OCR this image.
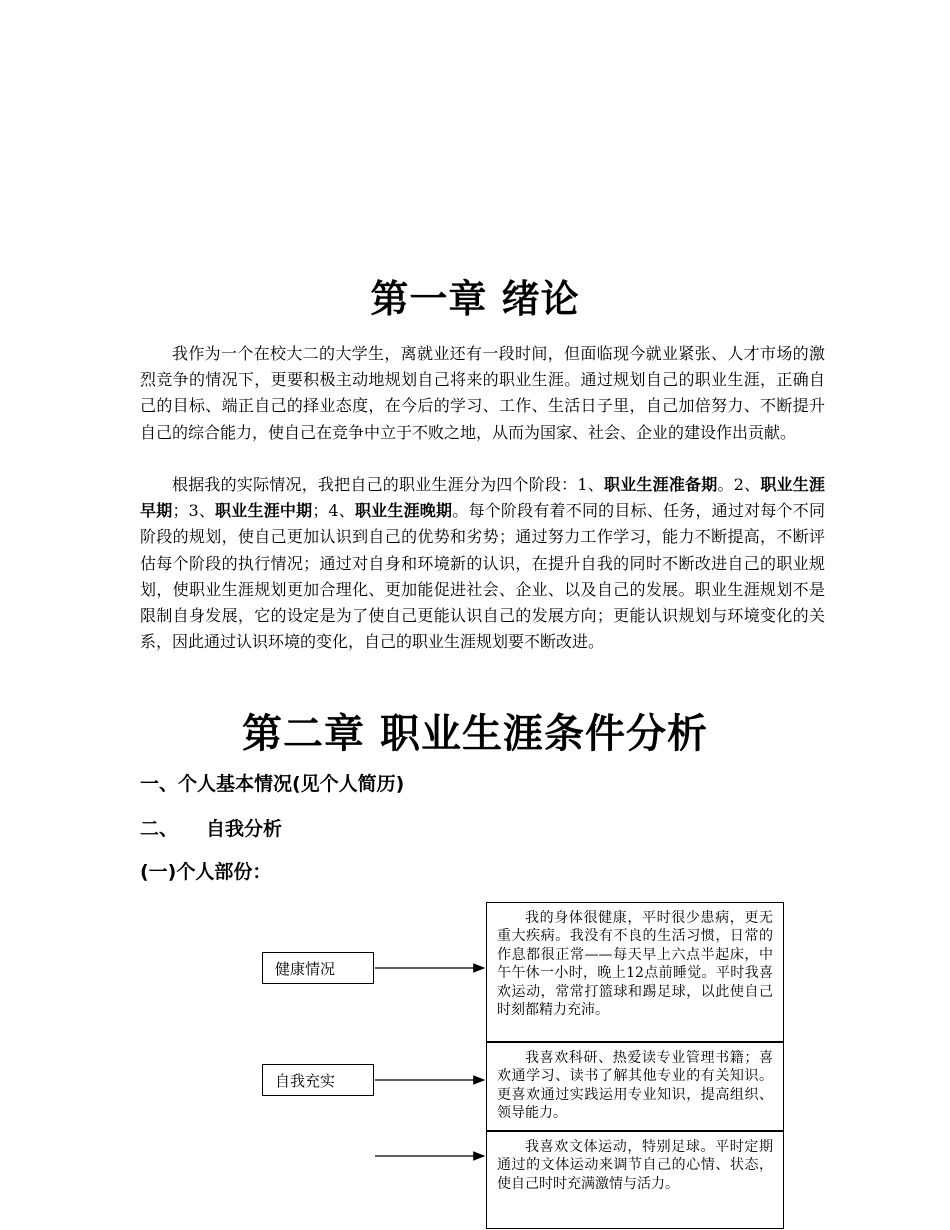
第一章 绪论

我作为一个在校大二的大学生，离就业还有一段时间，但面临现今就业紧张、人才市场的激烈竞争的情况下，更要积极主动地规划自己将来的职业生涯。通过规划自己的职业生涯，正确自己的目标、端正自己的择业态度，在今后的学习、工作、生活日子里，自己加倍努力、不断提升自己的综合能力，使自己在竞争中立于不败之地，从而为国家、社会、企业的建设作出贡献。

根据我的实际情况，我把自己的职业生涯分为四个阶段：1、职业生涯准备期。2、职业生涯早期；3、职业生涯中期；4、职业生涯晚期。每个阶段有着不同的目标、任务，通过对每个不同阶段的规划，使自己更加认识到自己的优势和劣势；通过努力工作学习，能力不断提高，不断评估每个阶段的执行情况；通过对自身和环境新的认识，在提升自我的同时不断改进自己的职业规划，使职业生涯规划更加合理化、更加能促进社会、企业、以及自己的发展。职业生涯规划不是限制自身发展，它的设定是为了使自己更能认识自己的发展方向；更能认识规划与环境变化的关系，因此通过认识环境的变化，自己的职业生涯规划要不断改进。

第二章 职业生涯条件分析
一、个人基本情况(见个人简历)
二、 自我分析
(一)个人部份：
健康情况
自我充实
我的身体很健康，平时很少患病，更无重大疾病。我没有不良的生活习惯，日常的作息都很正常——每天早上六点半起床，中午午休一小时，晚上12点前睡觉。平时我喜欢运动，常常打篮球和踢足球，以此使自己时刻都精力充沛。
我喜欢科研、热爱读专业管理书籍；喜欢通学习、读书了解其他专业的有关知识。更喜欢通过实践运用专业知识，提高组织、领导能力。
我喜欢文体运动，特别足球。平时定期通过的文体运动来调节自己的心情、状态，使自己时时充满激情与活力。
